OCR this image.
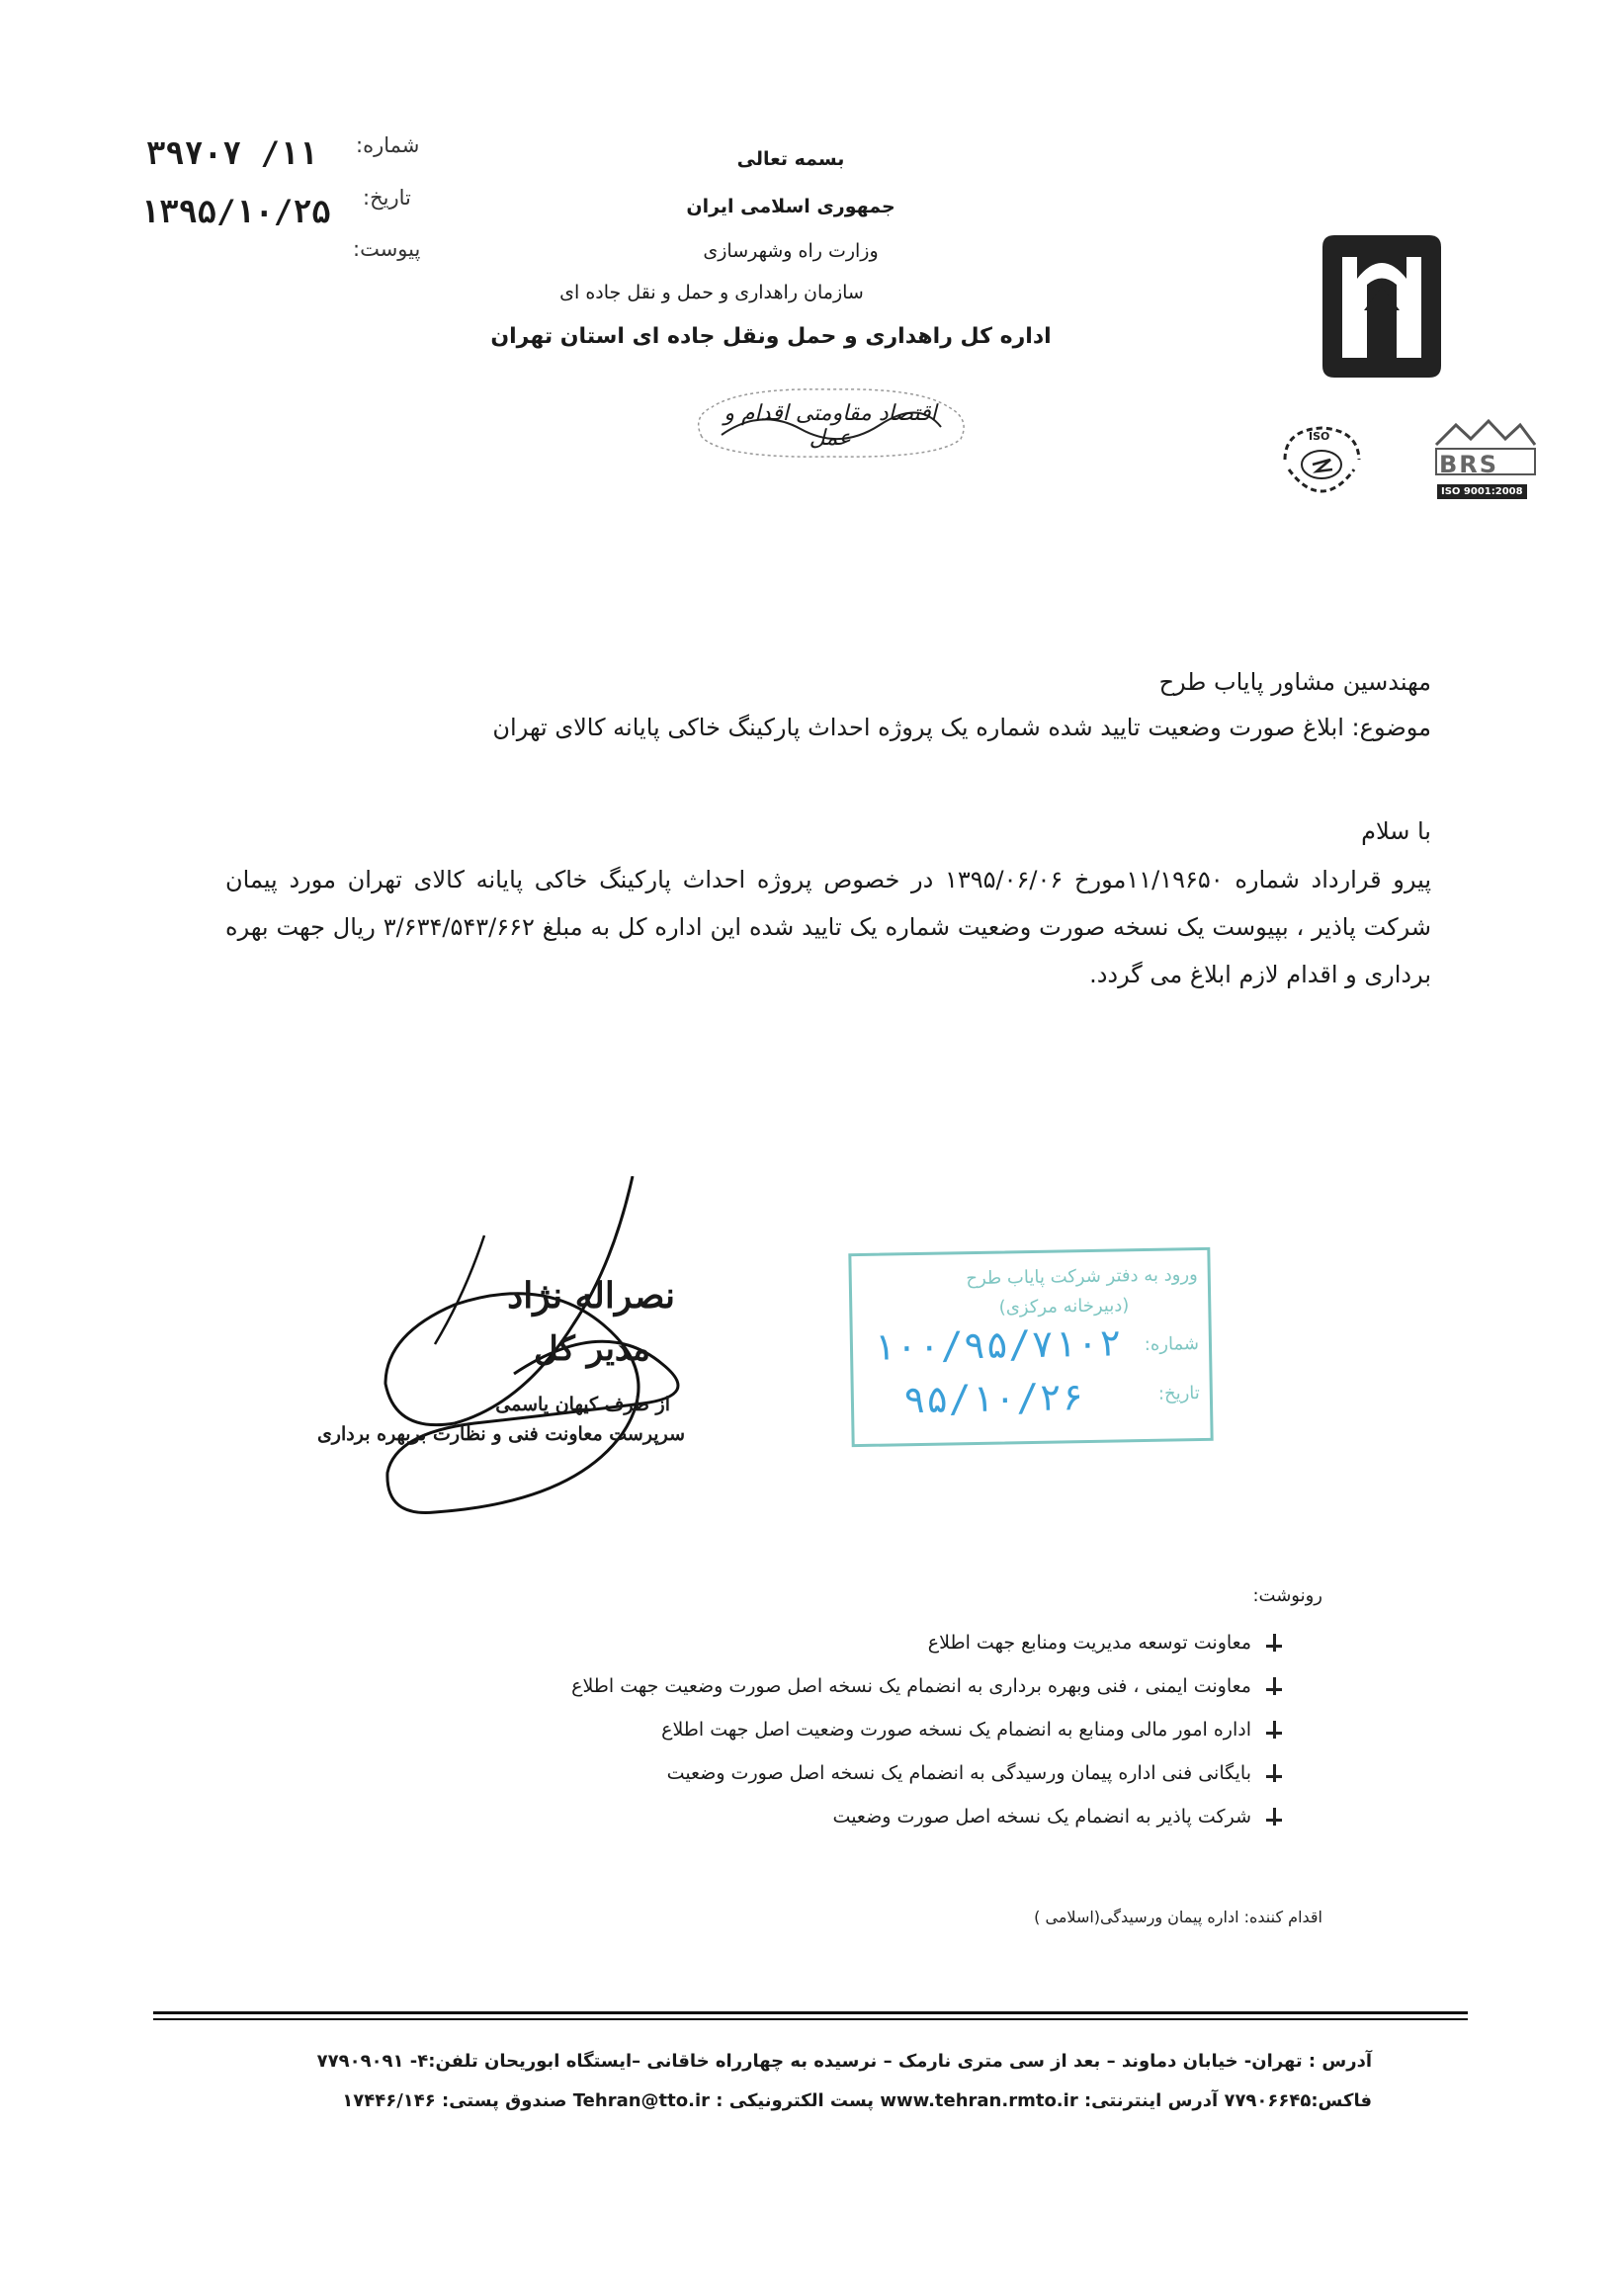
شماره:
۱۱/ ۳۹۷۰۷
تاریخ:
۱۳۹۵/۱۰/۲۵
پیوست:
بسمه تعالی
جمهوری اسلامی ایران
وزارت راه وشهرسازی
سازمان راهداری و حمل و نقل جاده ای
اداره کل راهداری و حمل ونقل جاده ای استان تهران
اقتصاد مقاومتی اقدام و عمل	ISO
BRS
ISO 9001:2008
مهندسین مشاور پایاب طرح
موضوع: ابلاغ صورت وضعیت تایید شده شماره یک پروژه احداث پارکینگ خاکی پایانه کالای تهران
با سلام
پیرو قرارداد شماره ۱۱/۱۹۶۵۰مورخ ۱۳۹۵/۰۶/۰۶ در خصوص پروژه احداث پارکینگ خاکی پایانه کالای تهران مورد پیمان شرکت پاذیر ، بپیوست یک نسخه صورت وضعیت شماره یک تایید شده این اداره کل به مبلغ ۳/۶۳۴/۵۴۳/۶۶۲ ریال جهت بهره برداری و اقدام لازم ابلاغ می گردد.
نصراله نژاد
مدیر کل
از طرف کیهان یاسمی
سرپرست معاونت فنی و نظارت بربهره برداری
ورود به دفتر شرکت پایاب طرح
(دبیرخانه مرکزی)
شماره:
۱۰۰/۹۵/۷۱۰۲
تاریخ:
۹۵/۱۰/۲۶
رونوشت:
معاونت توسعه مدیریت ومنابع جهت اطلاع
معاونت ایمنی ، فنی وبهره برداری به انضمام یک نسخه اصل صورت وضعیت جهت اطلاع
اداره امور مالی ومنابع به انضمام یک نسخه صورت وضعیت اصل جهت اطلاع
بایگانی فنی اداره پیمان ورسیدگی به انضمام یک نسخه اصل صورت وضعیت
شرکت پاذیر به انضمام یک نسخه اصل صورت وضعیت
اقدام کننده: اداره پیمان ورسیدگی(اسلامی )
آدرس : تهران- خیابان دماوند – بعد از سی متری نارمک – نرسیده به چهارراه خاقانی –ایستگاه ابوریحان تلفن:۴- ۷۷۹۰۹۰۹۱
فاکس:۷۷۹۰۶۶۴۵ آدرس اینترنتی: www.tehran.rmto.ir پست الکترونیکی : Tehran@tto.ir صندوق پستی: ۱۷۴۴۶/۱۴۶
